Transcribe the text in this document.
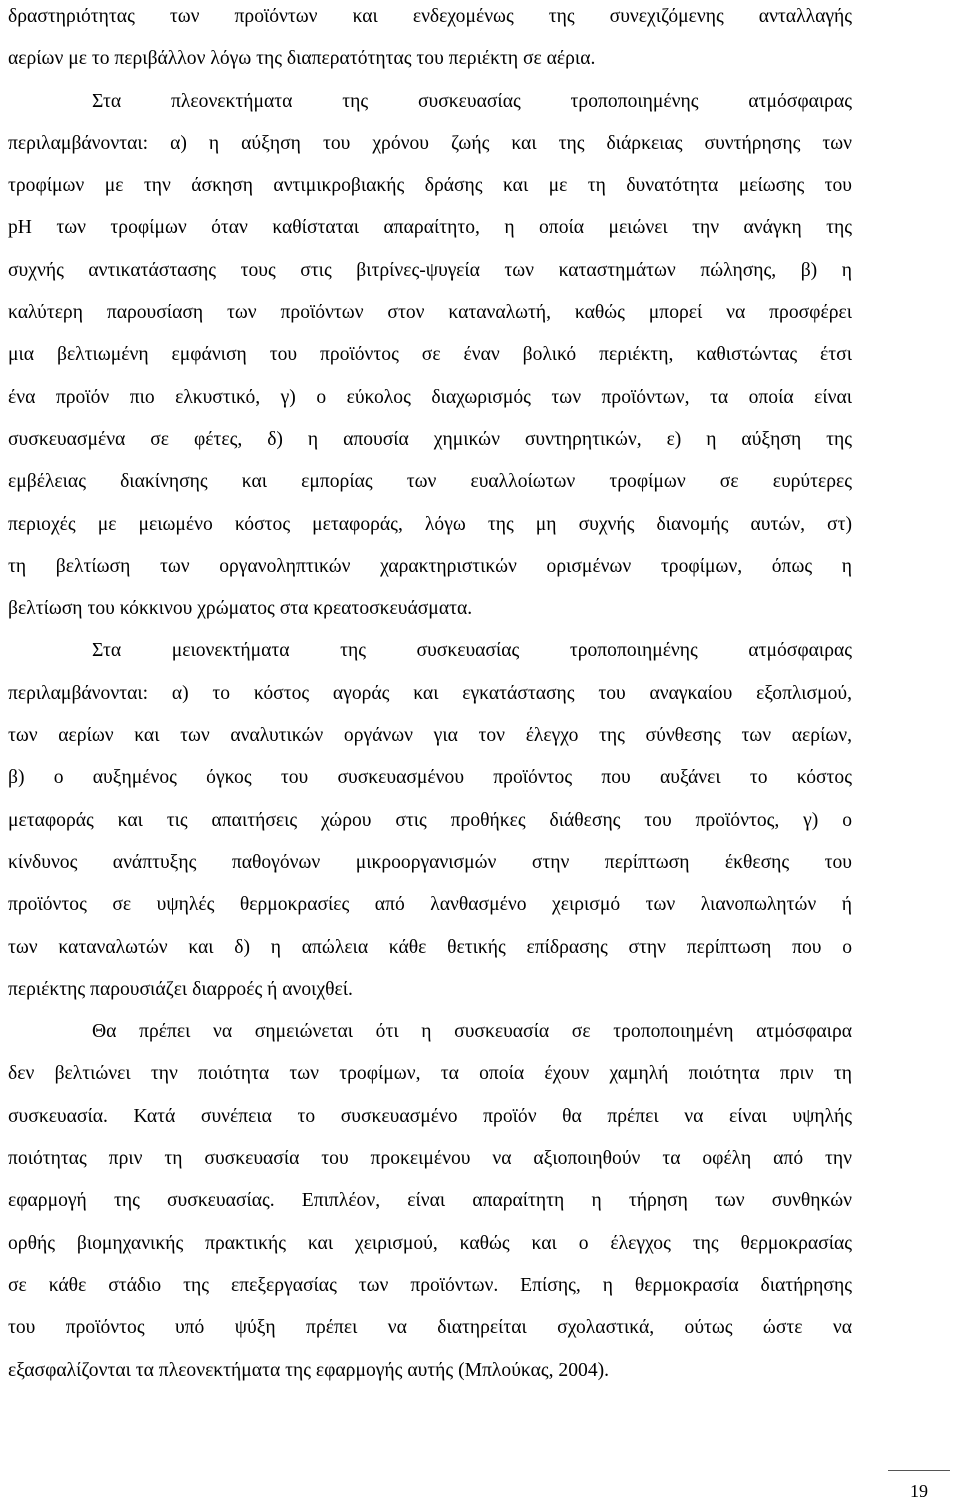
δραστηριότητας των προϊόντων και ενδεχομένως της συνεχιζόμενης ανταλλαγής
αερίων με το περιβάλλον λόγω της διαπερατότητας του περιέκτη σε αέρια.
Στα πλεονεκτήματα της συσκευασίας τροποποιημένης ατμόσφαιρας
περιλαμβάνονται: α) η αύξηση του χρόνου ζωής και της διάρκειας συντήρησης των
τροφίμων με την άσκηση αντιμικροβιακής δράσης και με τη δυνατότητα μείωσης του
pH των τροφίμων όταν καθίσταται απαραίτητο, η οποία μειώνει την ανάγκη της
συχνής αντικατάστασης τους στις βιτρίνες-ψυγεία των καταστημάτων πώλησης, β) η
καλύτερη παρουσίαση των προϊόντων στον καταναλωτή, καθώς μπορεί να προσφέρει
μια βελτιωμένη εμφάνιση του προϊόντος σε έναν βολικό περιέκτη, καθιστώντας έτσι
ένα προϊόν πιο ελκυστικό, γ) ο εύκολος διαχωρισμός των προϊόντων, τα οποία είναι
συσκευασμένα σε φέτες, δ) η απουσία χημικών συντηρητικών, ε) η αύξηση της
εμβέλειας διακίνησης και εμπορίας των ευαλλοίωτων τροφίμων σε ευρύτερες
περιοχές με μειωμένο κόστος μεταφοράς, λόγω της μη συχνής διανομής αυτών, στ)
τη βελτίωση των οργανοληπτικών χαρακτηριστικών ορισμένων τροφίμων, όπως η
βελτίωση του κόκκινου χρώματος στα κρεατοσκευάσματα.
Στα μειονεκτήματα της συσκευασίας τροποποιημένης ατμόσφαιρας
περιλαμβάνονται: α) το κόστος αγοράς και εγκατάστασης του αναγκαίου εξοπλισμού,
των αερίων και των αναλυτικών οργάνων για τον έλεγχο της σύνθεσης των αερίων,
β) ο αυξημένος όγκος του συσκευασμένου προϊόντος που αυξάνει το κόστος
μεταφοράς και τις απαιτήσεις χώρου στις προθήκες διάθεσης του προϊόντος, γ) ο
κίνδυνος ανάπτυξης παθογόνων μικροοργανισμών στην περίπτωση έκθεσης του
προϊόντος σε υψηλές θερμοκρασίες από λανθασμένο χειρισμό των λιανοπωλητών ή
των καταναλωτών και δ) η απώλεια κάθε θετικής επίδρασης στην περίπτωση που ο
περιέκτης παρουσιάζει διαρροές ή ανοιχθεί.
Θα πρέπει να σημειώνεται ότι η συσκευασία σε τροποποιημένη ατμόσφαιρα
δεν βελτιώνει την ποιότητα των τροφίμων, τα οποία έχουν χαμηλή ποιότητα πριν τη
συσκευασία. Κατά συνέπεια το συσκευασμένο προϊόν θα πρέπει να είναι υψηλής
ποιότητας πριν τη συσκευασία του προκειμένου να αξιοποιηθούν τα οφέλη από την
εφαρμογή της συσκευασίας. Επιπλέον, είναι απαραίτητη η τήρηση των συνθηκών
ορθής βιομηχανικής πρακτικής και χειρισμού, καθώς και ο έλεγχος της θερμοκρασίας
σε κάθε στάδιο της επεξεργασίας των προϊόντων. Επίσης, η θερμοκρασία διατήρησης
του προϊόντος υπό ψύξη πρέπει να διατηρείται σχολαστικά, ούτως ώστε να
εξασφαλίζονται τα πλεονεκτήματα της εφαρμογής αυτής (Μπλούκας, 2004).
19
